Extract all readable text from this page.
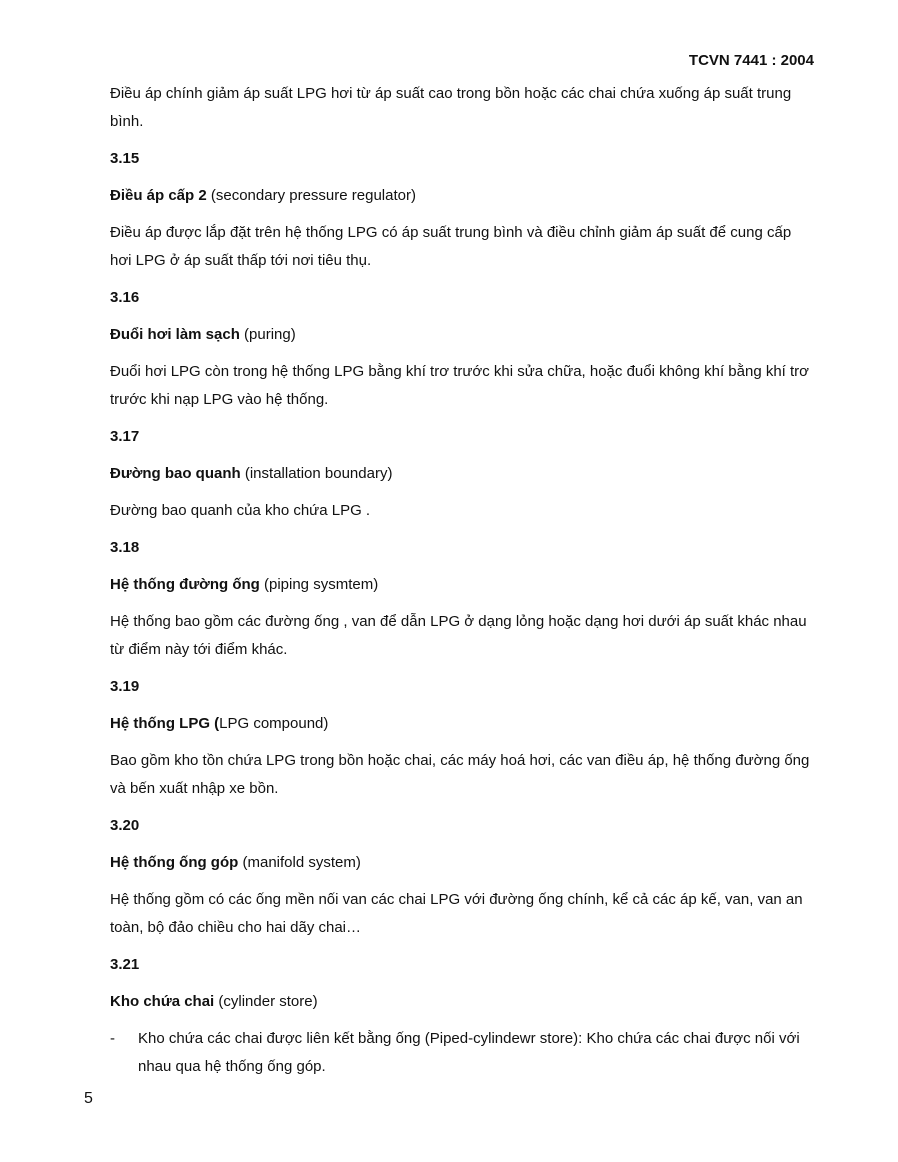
TCVN 7441 : 2004

Điều áp chính giảm áp suất LPG hơi từ áp suất cao trong bồn hoặc các chai chứa xuống áp suất trung bình.

3.15

Điều áp cấp 2 (secondary pressure regulator)

Điều áp được lắp đặt trên hệ thống LPG có áp suất trung bình và điều chỉnh giảm áp suất để cung cấp hơi LPG ở áp suất thấp tới nơi tiêu thụ.

3.16

Đuổi hơi làm sạch (puring)

Đuổi hơi LPG còn trong hệ thống LPG bằng khí trơ trước khi sửa chữa, hoặc đuổi không khí bằng khí trơ trước khi nạp LPG vào hệ thống.

3.17

Đường bao quanh (installation boundary)

Đường bao quanh của kho chứa LPG .

3.18

Hệ thống đường ống (piping sysmtem)

Hệ thống bao gồm các đường ống , van để dẫn LPG ở dạng lỏng hoặc dạng hơi dưới áp suất khác nhau từ điểm này tới điểm khác.

3.19

Hệ thống LPG (LPG compound)

Bao gồm kho tồn chứa LPG trong bồn hoặc chai, các máy hoá hơi, các van điều áp, hệ thống đường ống và bến xuất nhập xe bồn.

3.20

Hệ thống ống góp (manifold system)

Hệ thống gồm có các ống mền nối van các chai LPG với đường ống chính, kể cả các áp kế, van, van an toàn, bộ đảo chiều cho hai dãy chai…

3.21

Kho chứa chai (cylinder store)

-	Kho chứa các chai được liên kết bằng ống (Piped-cylindewr store): Kho chứa các chai được nối với nhau qua hệ thống ống góp.
5
